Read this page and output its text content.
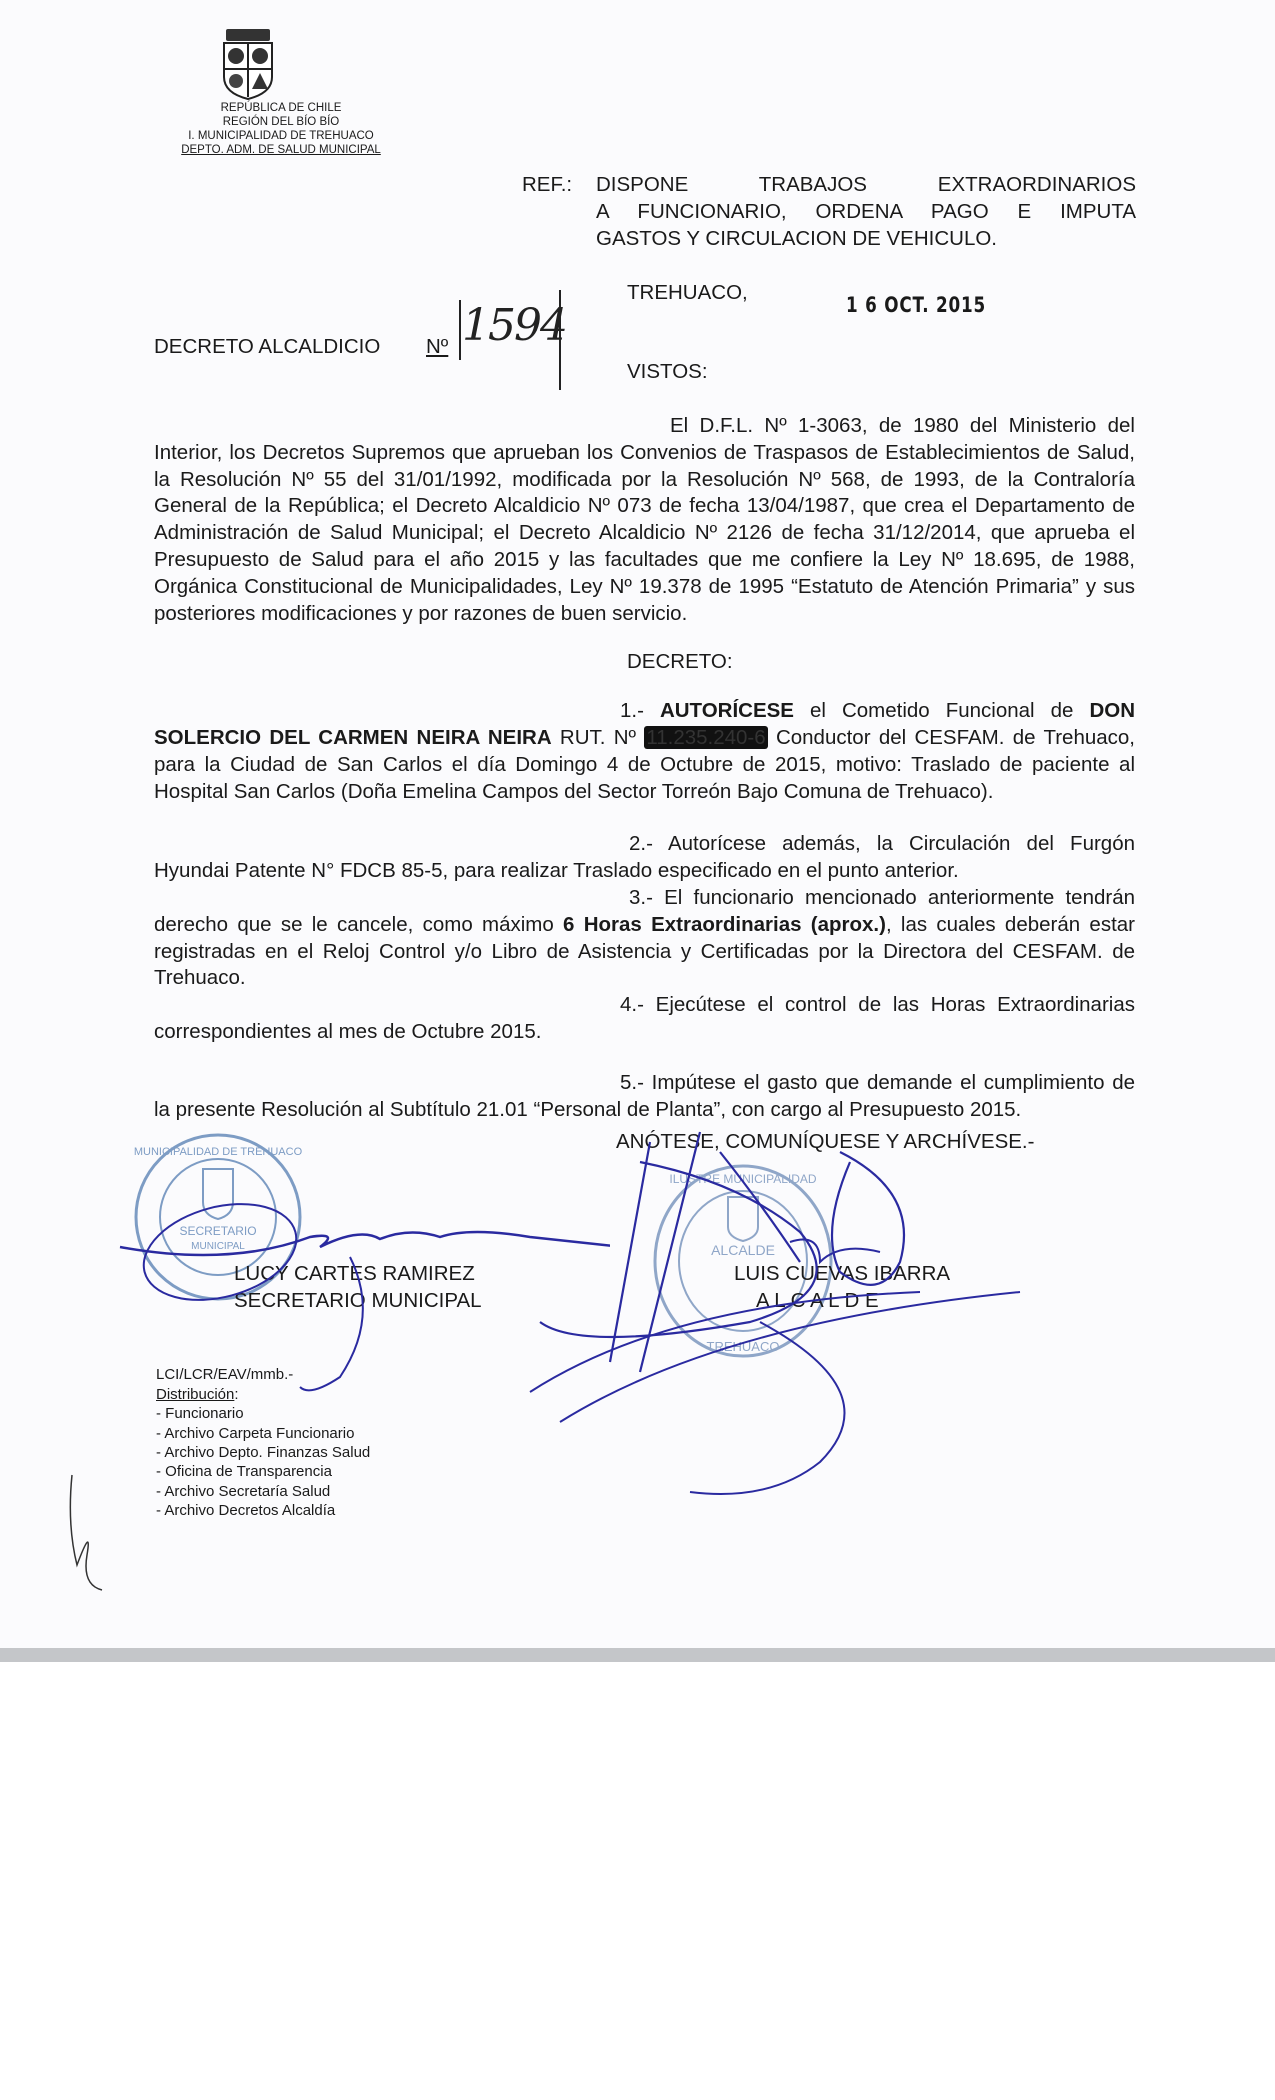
REPÚBLICA DE CHILE
REGIÓN DEL BÍO BÍO
I. MUNICIPALIDAD DE TREHUACO
DEPTO. ADM. DE SALUD MUNICIPAL
REF.: DISPONE TRABAJOS EXTRAORDINARIOS
A FUNCIONARIO, ORDENA PAGO E IMPUTA
GASTOS Y CIRCULACION DE VEHICULO.
TREHUACO,
1 6 OCT. 2015
DECRETO ALCALDICIO Nº 1594
VISTOS:

El D.F.L. Nº 1-3063, de 1980 del Ministerio del Interior, los Decretos Supremos que aprueban los Convenios de Traspasos de Establecimientos de Salud, la Resolución Nº 55 del 31/01/1992, modificada por la Resolución Nº 568, de 1993, de la Contraloría General de la República; el Decreto Alcaldicio Nº 073 de fecha 13/04/1987, que crea el Departamento de Administración de Salud Municipal; el Decreto Alcaldicio Nº 2126 de fecha 31/12/2014, que aprueba el Presupuesto de Salud para el año 2015 y las facultades que me confiere la Ley Nº 18.695, de 1988, Orgánica Constitucional de Municipalidades, Ley Nº 19.378 de 1995 “Estatuto de Atención Primaria” y sus posteriores modificaciones y por razones de buen servicio.

DECRETO:

1.- AUTORÍCESE el Cometido Funcional de DON SOLERCIO DEL CARMEN NEIRA NEIRA RUT. Nº 11.235.240-6 Conductor del CESFAM. de Trehuaco, para la Ciudad de San Carlos el día Domingo 4 de Octubre de 2015, motivo: Traslado de paciente al Hospital San Carlos (Doña Emelina Campos del Sector Torreón Bajo Comuna de Trehuaco).

2.- Autorícese además, la Circulación del Furgón Hyundai Patente N° FDCB 85-5, para realizar Traslado especificado en el punto anterior.

3.- El funcionario mencionado anteriormente tendrán derecho que se le cancele, como máximo 6 Horas Extraordinarias (aprox.), las cuales deberán estar registradas en el Reloj Control y/o Libro de Asistencia y Certificadas por la Directora del CESFAM. de Trehuaco.

4.- Ejecútese el control de las Horas Extraordinarias correspondientes al mes de Octubre 2015.

5.- Impútese el gasto que demande el cumplimiento de la presente Resolución al Subtítulo 21.01 “Personal de Planta”, con cargo al Presupuesto 2015.

ANÓTESE, COMUNÍQUESE Y ARCHÍVESE.-
MUNICIPALIDAD DE TREHUACO
SECRETARIO
MUNICIPAL
ILUSTRE MUNICIPALIDAD
ALCALDE
TREHUACO
LUCY CARTES RAMIREZ
SECRETARIO MUNICIPAL
LUIS CUEVAS IBARRA
A L C A L D E
LCI/LCR/EAV/mmb.-
Distribución:
- Funcionario
- Archivo Carpeta Funcionario
- Archivo Depto. Finanzas Salud
- Oficina de Transparencia
- Archivo Secretaría Salud
- Archivo Decretos Alcaldía
